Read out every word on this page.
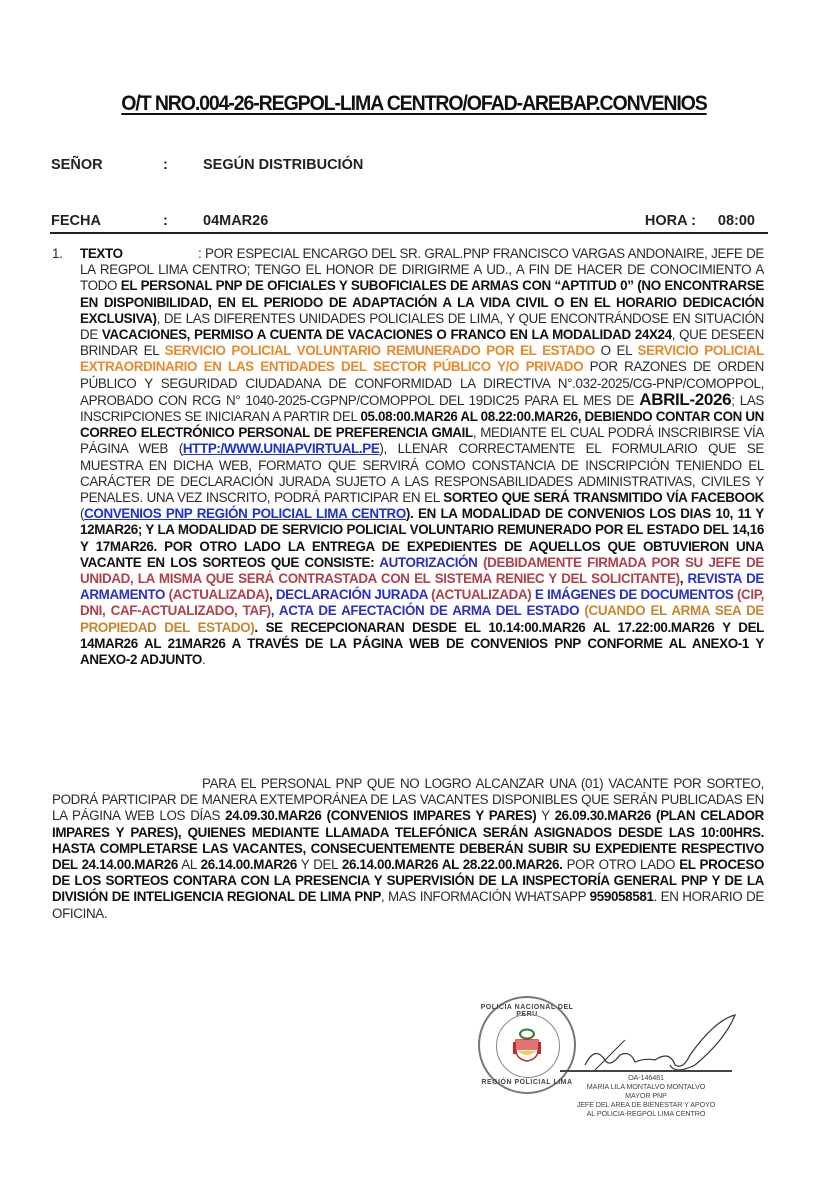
O/T NRO.004-26-REGPOL-LIMA CENTRO/OFAD-AREBAP.CONVENIOS
SEÑOR	: SEGÚN DISTRIBUCIÓN
FECHA	: 04MAR26	HORA : 08:00
1.	TEXTO	: POR ESPECIAL ENCARGO DEL SR. GRAL.PNP FRANCISCO VARGAS ANDONAIRE, JEFE DE LA REGPOL LIMA CENTRO; TENGO EL HONOR DE DIRIGIRME A UD., A FIN DE HACER DE CONOCIMIENTO A TODO EL PERSONAL PNP DE OFICIALES Y SUBOFICIALES DE ARMAS CON “APTITUD 0” (NO ENCONTRARSE EN DISPONIBILIDAD, EN EL PERIODO DE ADAPTACIÓN A LA VIDA CIVIL O EN EL HORARIO DEDICACIÓN EXCLUSIVA), DE LAS DIFERENTES UNIDADES POLICIALES DE LIMA, Y QUE ENCONTRÁNDOSE EN SITUACIÓN DE VACACIONES, PERMISO A CUENTA DE VACACIONES O FRANCO EN LA MODALIDAD 24X24, QUE DESEEN BRINDAR EL SERVICIO POLICIAL VOLUNTARIO REMUNERADO POR EL ESTADO O EL SERVICIO POLICIAL EXTRAORDINARIO EN LAS ENTIDADES DEL SECTOR PÚBLICO Y/O PRIVADO POR RAZONES DE ORDEN PÚBLICO Y SEGURIDAD CIUDADANA DE CONFORMIDAD LA DIRECTIVA N°.032-2025/CG-PNP/COMOPPOL, APROBADO CON RCG N° 1040-2025-CGPNP/COMOPPOL DEL 19DIC25 PARA EL MES DE ABRIL-2026; LAS INSCRIPCIONES SE INICIARAN A PARTIR DEL 05.08:00.MAR26 AL 08.22:00.MAR26, DEBIENDO CONTAR CON UN CORREO ELECTRÓNICO PERSONAL DE PREFERENCIA GMAIL, MEDIANTE EL CUAL PODRÁ INSCRIBIRSE VÍA PÁGINA WEB (HTTP:/WWW.UNIAPVIRTUAL.PE), LLENAR CORRECTAMENTE EL FORMULARIO QUE SE MUESTRA EN DICHA WEB, FORMATO QUE SERVIRÁ COMO CONSTANCIA DE INSCRIPCIÓN TENIENDO EL CARÁCTER DE DECLARACIÓN JURADA SUJETO A LAS RESPONSABILIDADES ADMINISTRATIVAS, CIVILES Y PENALES. UNA VEZ INSCRITO, PODRÁ PARTICIPAR EN EL SORTEO QUE SERÁ TRANSMITIDO VÍA FACEBOOK (CONVENIOS PNP REGIÓN POLICIAL LIMA CENTRO). EN LA MODALIDAD DE CONVENIOS LOS DIAS 10, 11 Y 12MAR26; Y LA MODALIDAD DE SERVICIO POLICIAL VOLUNTARIO REMUNERADO POR EL ESTADO DEL 14,16 Y 17MAR26. POR OTRO LADO LA ENTREGA DE EXPEDIENTES DE AQUELLOS QUE OBTUVIERON UNA VACANTE EN LOS SORTEOS QUE CONSISTE: AUTORIZACIÓN (DEBIDAMENTE FIRMADA POR SU JEFE DE UNIDAD, LA MISMA QUE SERÁ CONTRASTADA CON EL SISTEMA RENIEC Y DEL SOLICITANTE), REVISTA DE ARMAMENTO (ACTUALIZADA), DECLARACIÓN JURADA (ACTUALIZADA) E IMÁGENES DE DOCUMENTOS (CIP, DNI, CAF-ACTUALIZADO, TAF), ACTA DE AFECTACIÓN DE ARMA DEL ESTADO (CUANDO EL ARMA SEA DE PROPIEDAD DEL ESTADO). SE RECEPCIONARAN DESDE EL 10.14:00.MAR26 AL 17.22:00.MAR26 Y DEL 14MAR26 AL 21MAR26 A TRAVÉS DE LA PÁGINA WEB DE CONVENIOS PNP CONFORME AL ANEXO-1 Y ANEXO-2 ADJUNTO.
PARA EL PERSONAL PNP QUE NO LOGRO ALCANZAR UNA (01) VACANTE POR SORTEO, PODRÁ PARTICIPAR DE MANERA EXTEMPORÁNEA DE LAS VACANTES DISPONIBLES QUE SERÁN PUBLICADAS EN LA PÁGINA WEB LOS DÍAS 24.09.30.MAR26 (CONVENIOS IMPARES Y PARES) Y 26.09.30.MAR26 (PLAN CELADOR IMPARES Y PARES), QUIENES MEDIANTE LLAMADA TELEFÓNICA SERÁN ASIGNADOS DESDE LAS 10:00HRS. HASTA COMPLETARSE LAS VACANTES, CONSECUENTEMENTE DEBERÁN SUBIR SU EXPEDIENTE RESPECTIVO DEL 24.14.00.MAR26 AL 26.14.00.MAR26 Y DEL 26.14.00.MAR26 AL 28.22.00.MAR26. POR OTRO LADO EL PROCESO DE LOS SORTEOS CONTARA CON LA PRESENCIA Y SUPERVISIÓN DE LA INSPECTORÍA GENERAL PNP Y DE LA DIVISIÓN DE INTELIGENCIA REGIONAL DE LIMA PNP, MAS INFORMACIÓN WHATSAPP 959058581. EN HORARIO DE OFICINA.
POLICIA NACIONAL DEL PERU
REGIÓN POLICIAL LIMA
OA-146481
MARIA LILA MONTALVO MONTALVO
MAYOR PNP
JEFE DEL AREA DE BIENESTAR Y APOYO
AL POLICIA-REGPOL LIMA CENTRO
